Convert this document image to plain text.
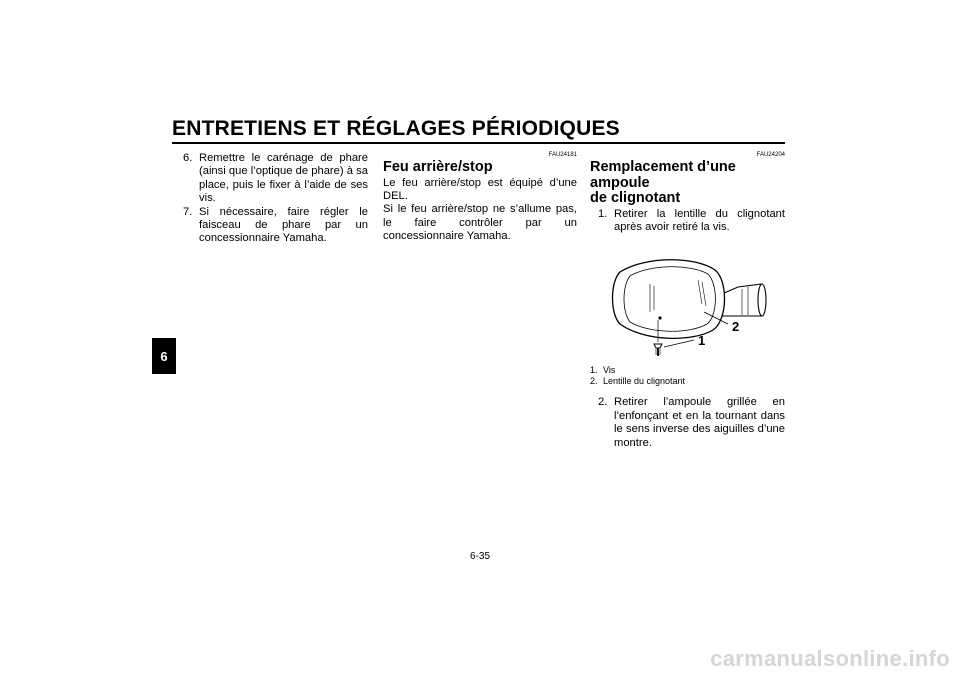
ENTRETIENS ET RÉGLAGES PÉRIODIQUES
6
6. Remettre le carénage de phare (ainsi que l’optique de phare) à sa place, puis le fixer à l’aide de ses vis.
7. Si nécessaire, faire régler le faisceau de phare par un concessionnaire Yamaha.
FAU24181
Feu arrière/stop
Le feu arrière/stop est équipé d’une DEL.
Si le feu arrière/stop ne s’allume pas, le faire contrôler par un concessionnaire Yamaha.
FAU24204
Remplacement d’une ampoule
de clignotant
1. Retirer la lentille du clignotant après avoir retiré la vis.
2
1
1. Vis
2. Lentille du clignotant
2. Retirer l’ampoule grillée en l’enfonçant et en la tournant dans le sens inverse des aiguilles d’une montre.
6-35
carmanualsonline.info
